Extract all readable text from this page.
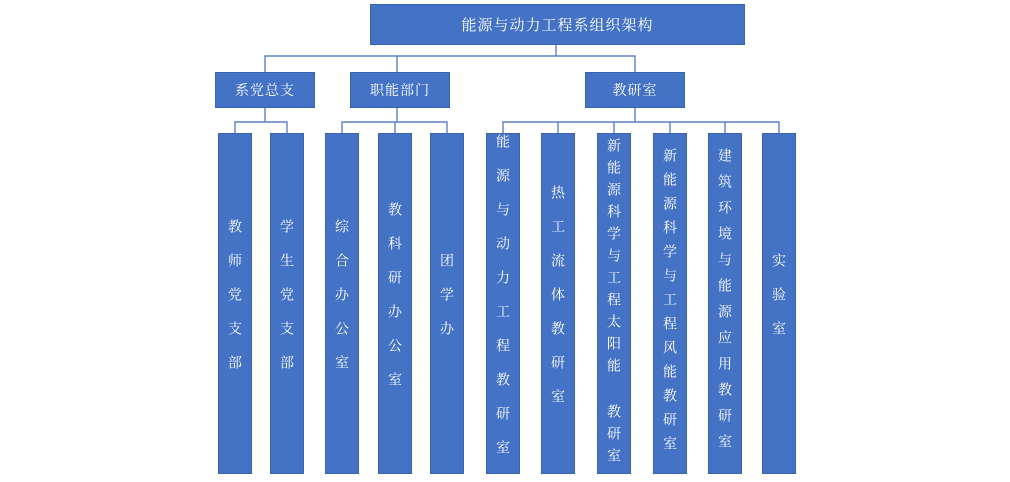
能源与动力工程系组织架构
系党总支	职能部门	教研室
教师党支部	学生党支部	综合办公室	教科研办公室	团学办	能源与动力工程教研室	热工流体教研室	新能源科学与工程太阳能 教研室	新能源科学与工程风能教研室	建筑环境与能源应用教研室	实验室
